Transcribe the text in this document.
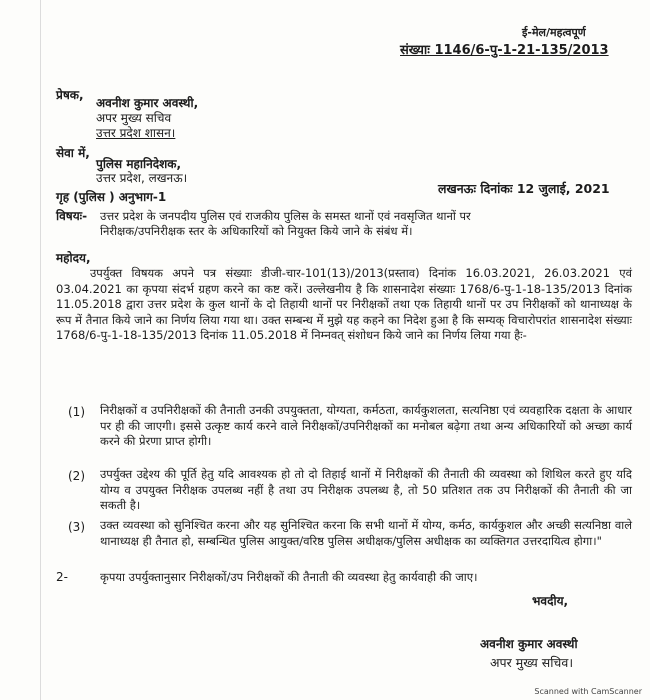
ई-मेल/महत्वपूर्ण
संख्याः 1146/6-पु-1-21-135/2013
प्रेषक,
अवनीश कुमार अवस्थी,
अपर मुख्य सचिव
उत्तर प्रदेश शासन।
सेवा में,
पुलिस महानिदेशक,
उत्तर प्रदेश, लखनऊ।
गृह (पुलिस ) अनुभाग-1
लखनऊः दिनांकः 12 जुलाई, 2021
विषयः- उत्तर प्रदेश के जनपदीय पुलिस एवं राजकीय पुलिस के समस्त थानों एवं नवसृजित थानों पर
निरीक्षक/उपनिरीक्षक स्तर के अधिकारियों को नियुक्त किये जाने के संबंध में।
महोदय,
उपर्युक्त विषयक अपने पत्र संख्याः डीजी-चार-101(13)/2013(प्रस्ताव) दिनांक 16.03.2021, 26.03.2021 एवं 03.04.2021 का कृपया संदर्भ ग्रहण करने का कष्ट करें। उल्लेखनीय है कि शासनादेश संख्याः 1768/6-पु-1-18-135/2013 दिनांक 11.05.2018 द्वारा उत्तर प्रदेश के कुल थानों के दो तिहायी थानों पर निरीक्षकों तथा एक तिहायी थानों पर उप निरीक्षकों को थानाध्यक्ष के रूप में तैनात किये जाने का निर्णय लिया गया था। उक्त सम्बन्ध में मुझे यह कहने का निदेश हुआ है कि सम्यक् विचारोपरांत शासनादेश संख्याः 1768/6-पु-1-18-135/2013 दिनांक 11.05.2018 में निम्नवत् संशोधन किये जाने का निर्णय लिया गया हैः-
(1) निरीक्षकों व उपनिरीक्षकों की तैनाती उनकी उपयुक्तता, योग्यता, कर्मठता, कार्यकुशलता, सत्यनिष्ठा एवं व्यवहारिक दक्षता के आधार पर ही की जाएगी। इससे उत्कृष्ट कार्य करने वाले निरीक्षकों/उपनिरीक्षकों का मनोबल बढ़ेगा तथा अन्य अधिकारियों को अच्छा कार्य करने की प्रेरणा प्राप्त होगी।
(2) उपर्युक्त उद्देश्य की पूर्ति हेतु यदि आवश्यक हो तो दो तिहाई थानों में निरीक्षकों की तैनाती की व्यवस्था को शिथिल करते हुए यदि योग्य व उपयुक्त निरीक्षक उपलब्ध नहीं है तथा उप निरीक्षक उपलब्ध है, तो 50 प्रतिशत तक उप निरीक्षकों की तैनाती की जा सकती है।
(3) उक्त व्यवस्था को सुनिश्चित करना और यह सुनिश्चित करना कि सभी थानों में योग्य, कर्मठ, कार्यकुशल और अच्छी सत्यनिष्ठा वाले थानाध्यक्ष ही तैनात हो, सम्बन्धित पुलिस आयुक्त/वरिष्ठ पुलिस अधीक्षक/पुलिस अधीक्षक का व्यक्तिगत उत्तरदायित्व होगा।"
2-	कृपया उपर्युक्तानुसार निरीक्षकों/उप निरीक्षकों की तैनाती की व्यवस्था हेतु कार्यवाही की जाए।
भवदीय,
अवनीश कुमार अवस्थी
अपर मुख्य सचिव।
Scanned with CamScanner
